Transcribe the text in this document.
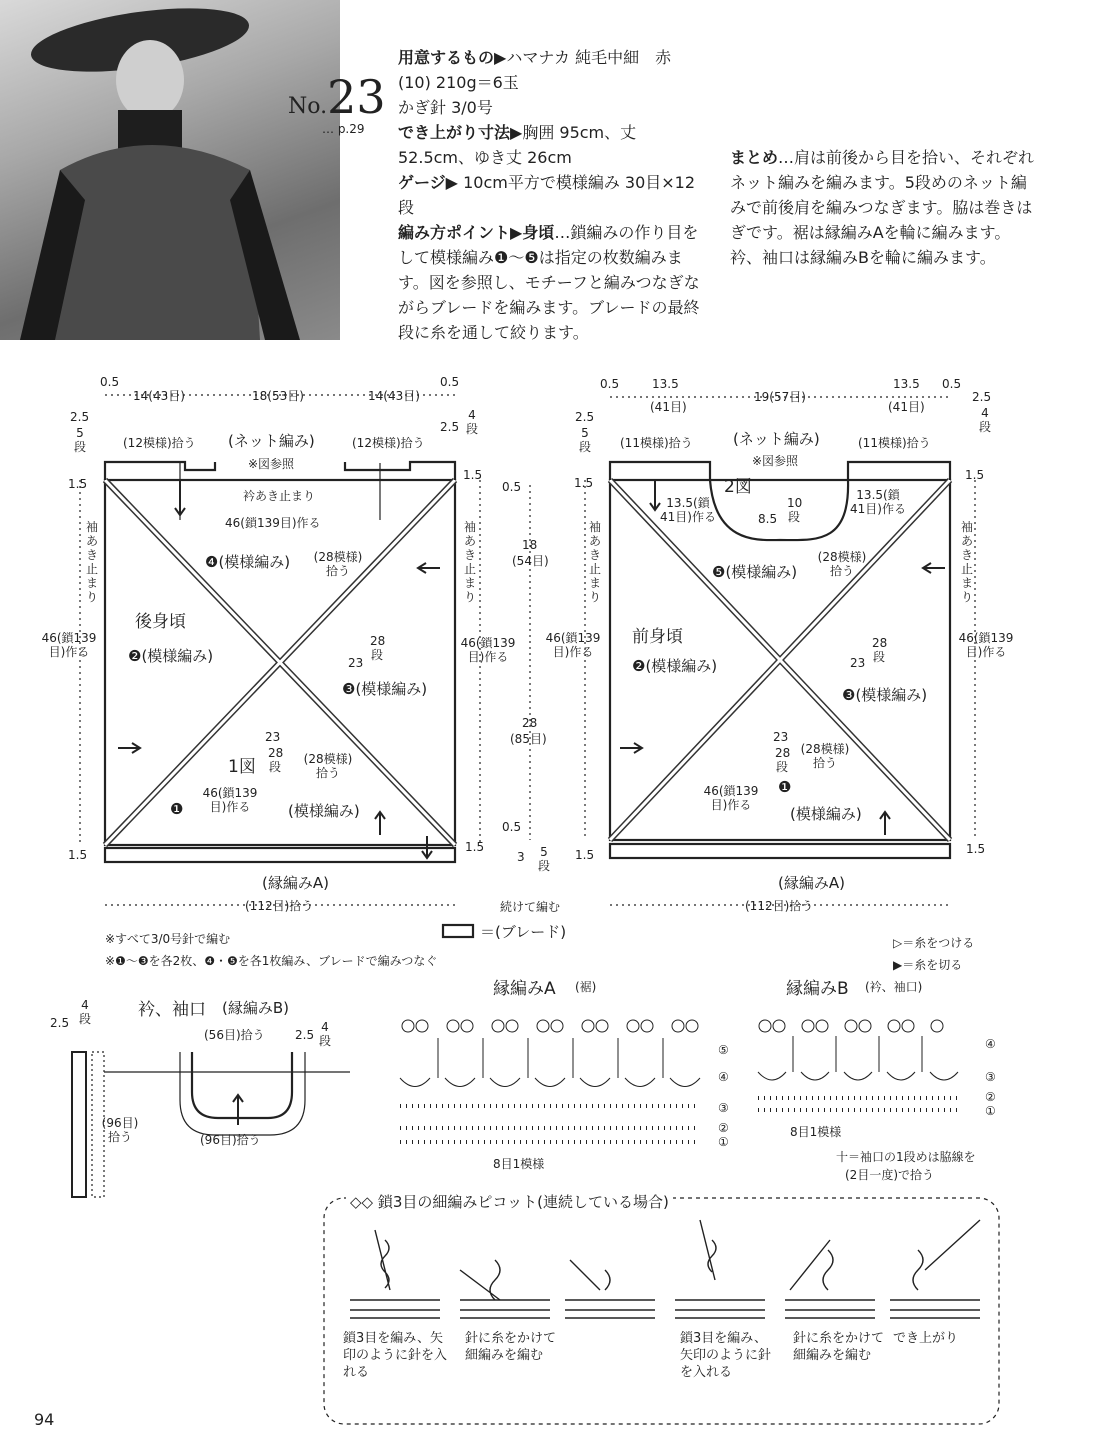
No.23
… p.29
用意するもの▶ハマナカ 純毛中細　赤 (10) 210g＝6玉
かぎ針 3/0号
でき上がり寸法▶胸囲 95cm、丈 52.5cm、ゆき丈 26cm
ゲージ▶ 10cm平方で模様編み 30目×12段
編み方ポイント▶身頃…鎖編みの作り目をして模様編み❶～❺は指定の枚数編みます。図を参照し、モチーフと編みつなぎながらブレードを編みます。ブレードの最終段に糸を通して絞ります。
まとめ…肩は前後から目を拾い、それぞれネット編みを編みます。5段めのネット編みで前後肩を編みつなぎます。脇は巻きはぎです。裾は縁編みAを輪に編みます。衿、袖口は縁編みBを輪に編みます。
0.5
14(43目)	18(53目)	14(43目)
0.5
2.5
5段
2.5
4段
(12模様)拾う (ネット編み)	(12模様)拾う
※図参照
衿あき止まり
1.5
1.5
46(鎖139目)作る
❹(模様編み)	(28模様)拾う
袖あき止まり
袖あき止まり
後身頃
❷(模様編み)
46(鎖139目)作る
46(鎖139目)作る
23
28段
❸(模様編み)
1図
23
28段
(28模様)拾う
❶
46(鎖139目)作る	(模様編み)
1.5
1.5
(縁編みA)
(112目)拾う
0.5
18
(54目)
28
(85目)
0.5
3 5段
0.5	13.5
(41目)
19(57目)
13.5
(41目)
0.5
2.5
5段
2.5
4段
(11模様)拾う	(ネット編み)	(11模様)拾う
※図参照
2図
1.5
1.5
13.5(鎖41目)作る
13.5(鎖41目)作る
8.5
10段
(28模様)拾う
❺(模様編み)
袖あき止まり
袖あき止まり
前身頃
❷(模様編み)
46(鎖139目)作る
46(鎖139目)作る
23
28段
❸(模様編み)
23
28段
(28模様)拾う
❶
46(鎖139目)作る	(模様編み)
1.5	1.5
(縁編みA)
(112目)拾う
続けて編む
＝(ブレード)
※すべて3/0号針で編む
※❶～❸を各2枚、❹・❺を各1枚編み、ブレードで編みつなぐ
▷＝糸をつける
▶＝糸を切る
衿、袖口 (縁編みB)
2.5
4段
(56目)拾う	2.5
4段
(96目)拾う	(96目)拾う
縁編みA (裾)
⑤
④
③
②
①
8目1模様
縁編みB (衿、袖口)
④
③
②
①
8目1模様
十＝袖口の1段めは脇線を
(2目一度)で拾う
◇◇ 鎖3目の細編みピコット(連続している場合)
鎖3目を編み、矢印のように針を入れる
針に糸をかけて細編みを編む
鎖3目を編み、矢印のように針を入れる
針に糸をかけて細編みを編む
でき上がり
94
